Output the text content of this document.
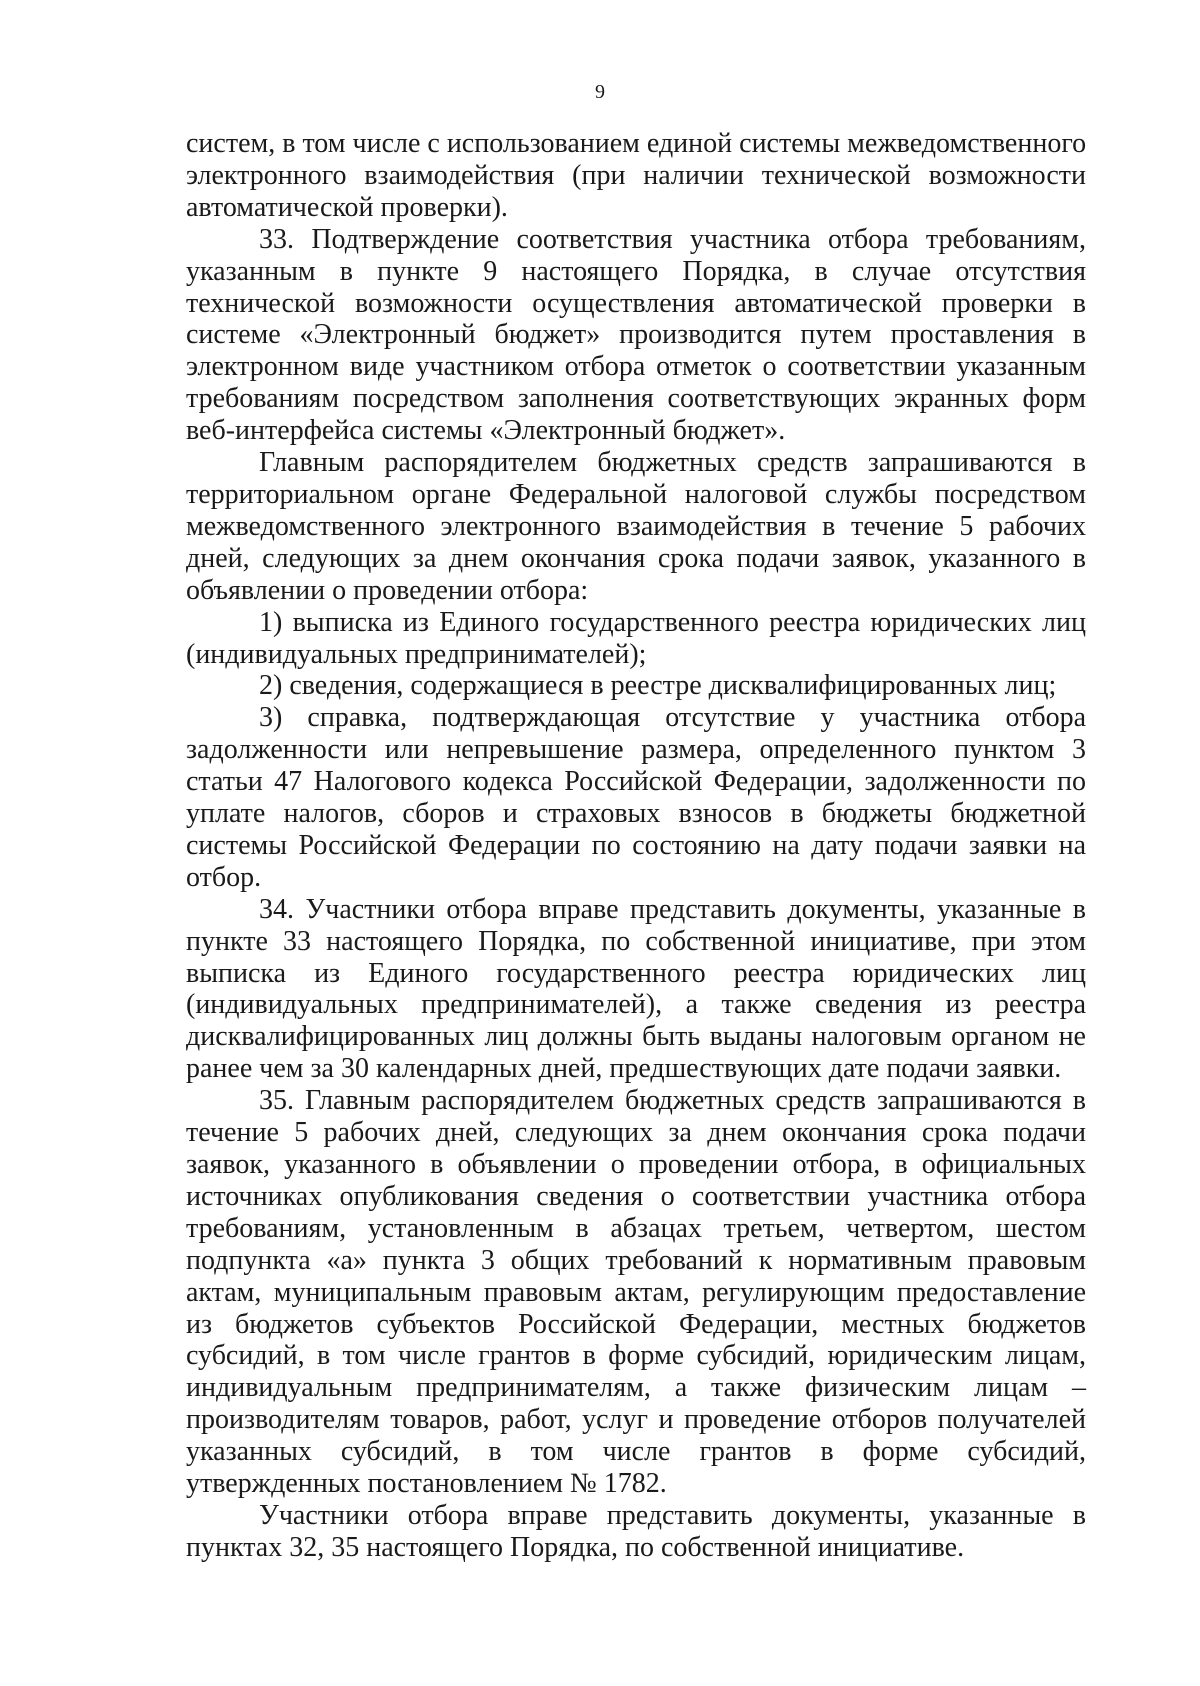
9
систем, в том числе с использованием единой системы межведомственного
электронного взаимодействия (при наличии технической возможности
автоматической проверки).
33. Подтверждение соответствия участника отбора требованиям,
указанным в пункте 9 настоящего Порядка, в случае отсутствия
технической возможности осуществления автоматической проверки в
системе «Электронный бюджет» производится путем проставления в
электронном виде участником отбора отметок о соответствии указанным
требованиям посредством заполнения соответствующих экранных форм
веб-интерфейса системы «Электронный бюджет».
Главным распорядителем бюджетных средств запрашиваются в
территориальном органе Федеральной налоговой службы посредством
межведомственного электронного взаимодействия в течение 5 рабочих
дней, следующих за днем окончания срока подачи заявок, указанного в
объявлении о проведении отбора:
1) выписка из Единого государственного реестра юридических лиц
(индивидуальных предпринимателей);
2) сведения, содержащиеся в реестре дисквалифицированных лиц;
3) справка, подтверждающая отсутствие у участника отбора
задолженности или непревышение размера, определенного пунктом 3
статьи 47 Налогового кодекса Российской Федерации, задолженности по
уплате налогов, сборов и страховых взносов в бюджеты бюджетной
системы Российской Федерации по состоянию на дату подачи заявки на
отбор.
34. Участники отбора вправе представить документы, указанные в
пункте 33 настоящего Порядка, по собственной инициативе, при этом
выписка из Единого государственного реестра юридических лиц
(индивидуальных предпринимателей), а также сведения из реестра
дисквалифицированных лиц должны быть выданы налоговым органом не
ранее чем за 30 календарных дней, предшествующих дате подачи заявки.
35. Главным распорядителем бюджетных средств запрашиваются в
течение 5 рабочих дней, следующих за днем окончания срока подачи
заявок, указанного в объявлении о проведении отбора, в официальных
источниках опубликования сведения о соответствии участника отбора
требованиям, установленным в абзацах третьем, четвертом, шестом
подпункта «а» пункта 3 общих требований к нормативным правовым
актам, муниципальным правовым актам, регулирующим предоставление
из бюджетов субъектов Российской Федерации, местных бюджетов
субсидий, в том числе грантов в форме субсидий, юридическим лицам,
индивидуальным предпринимателям, а также физическим лицам –
производителям товаров, работ, услуг и проведение отборов получателей
указанных субсидий, в том числе грантов в форме субсидий,
утвержденных постановлением № 1782.
Участники отбора вправе представить документы, указанные в
пунктах 32, 35 настоящего Порядка, по собственной инициативе.
